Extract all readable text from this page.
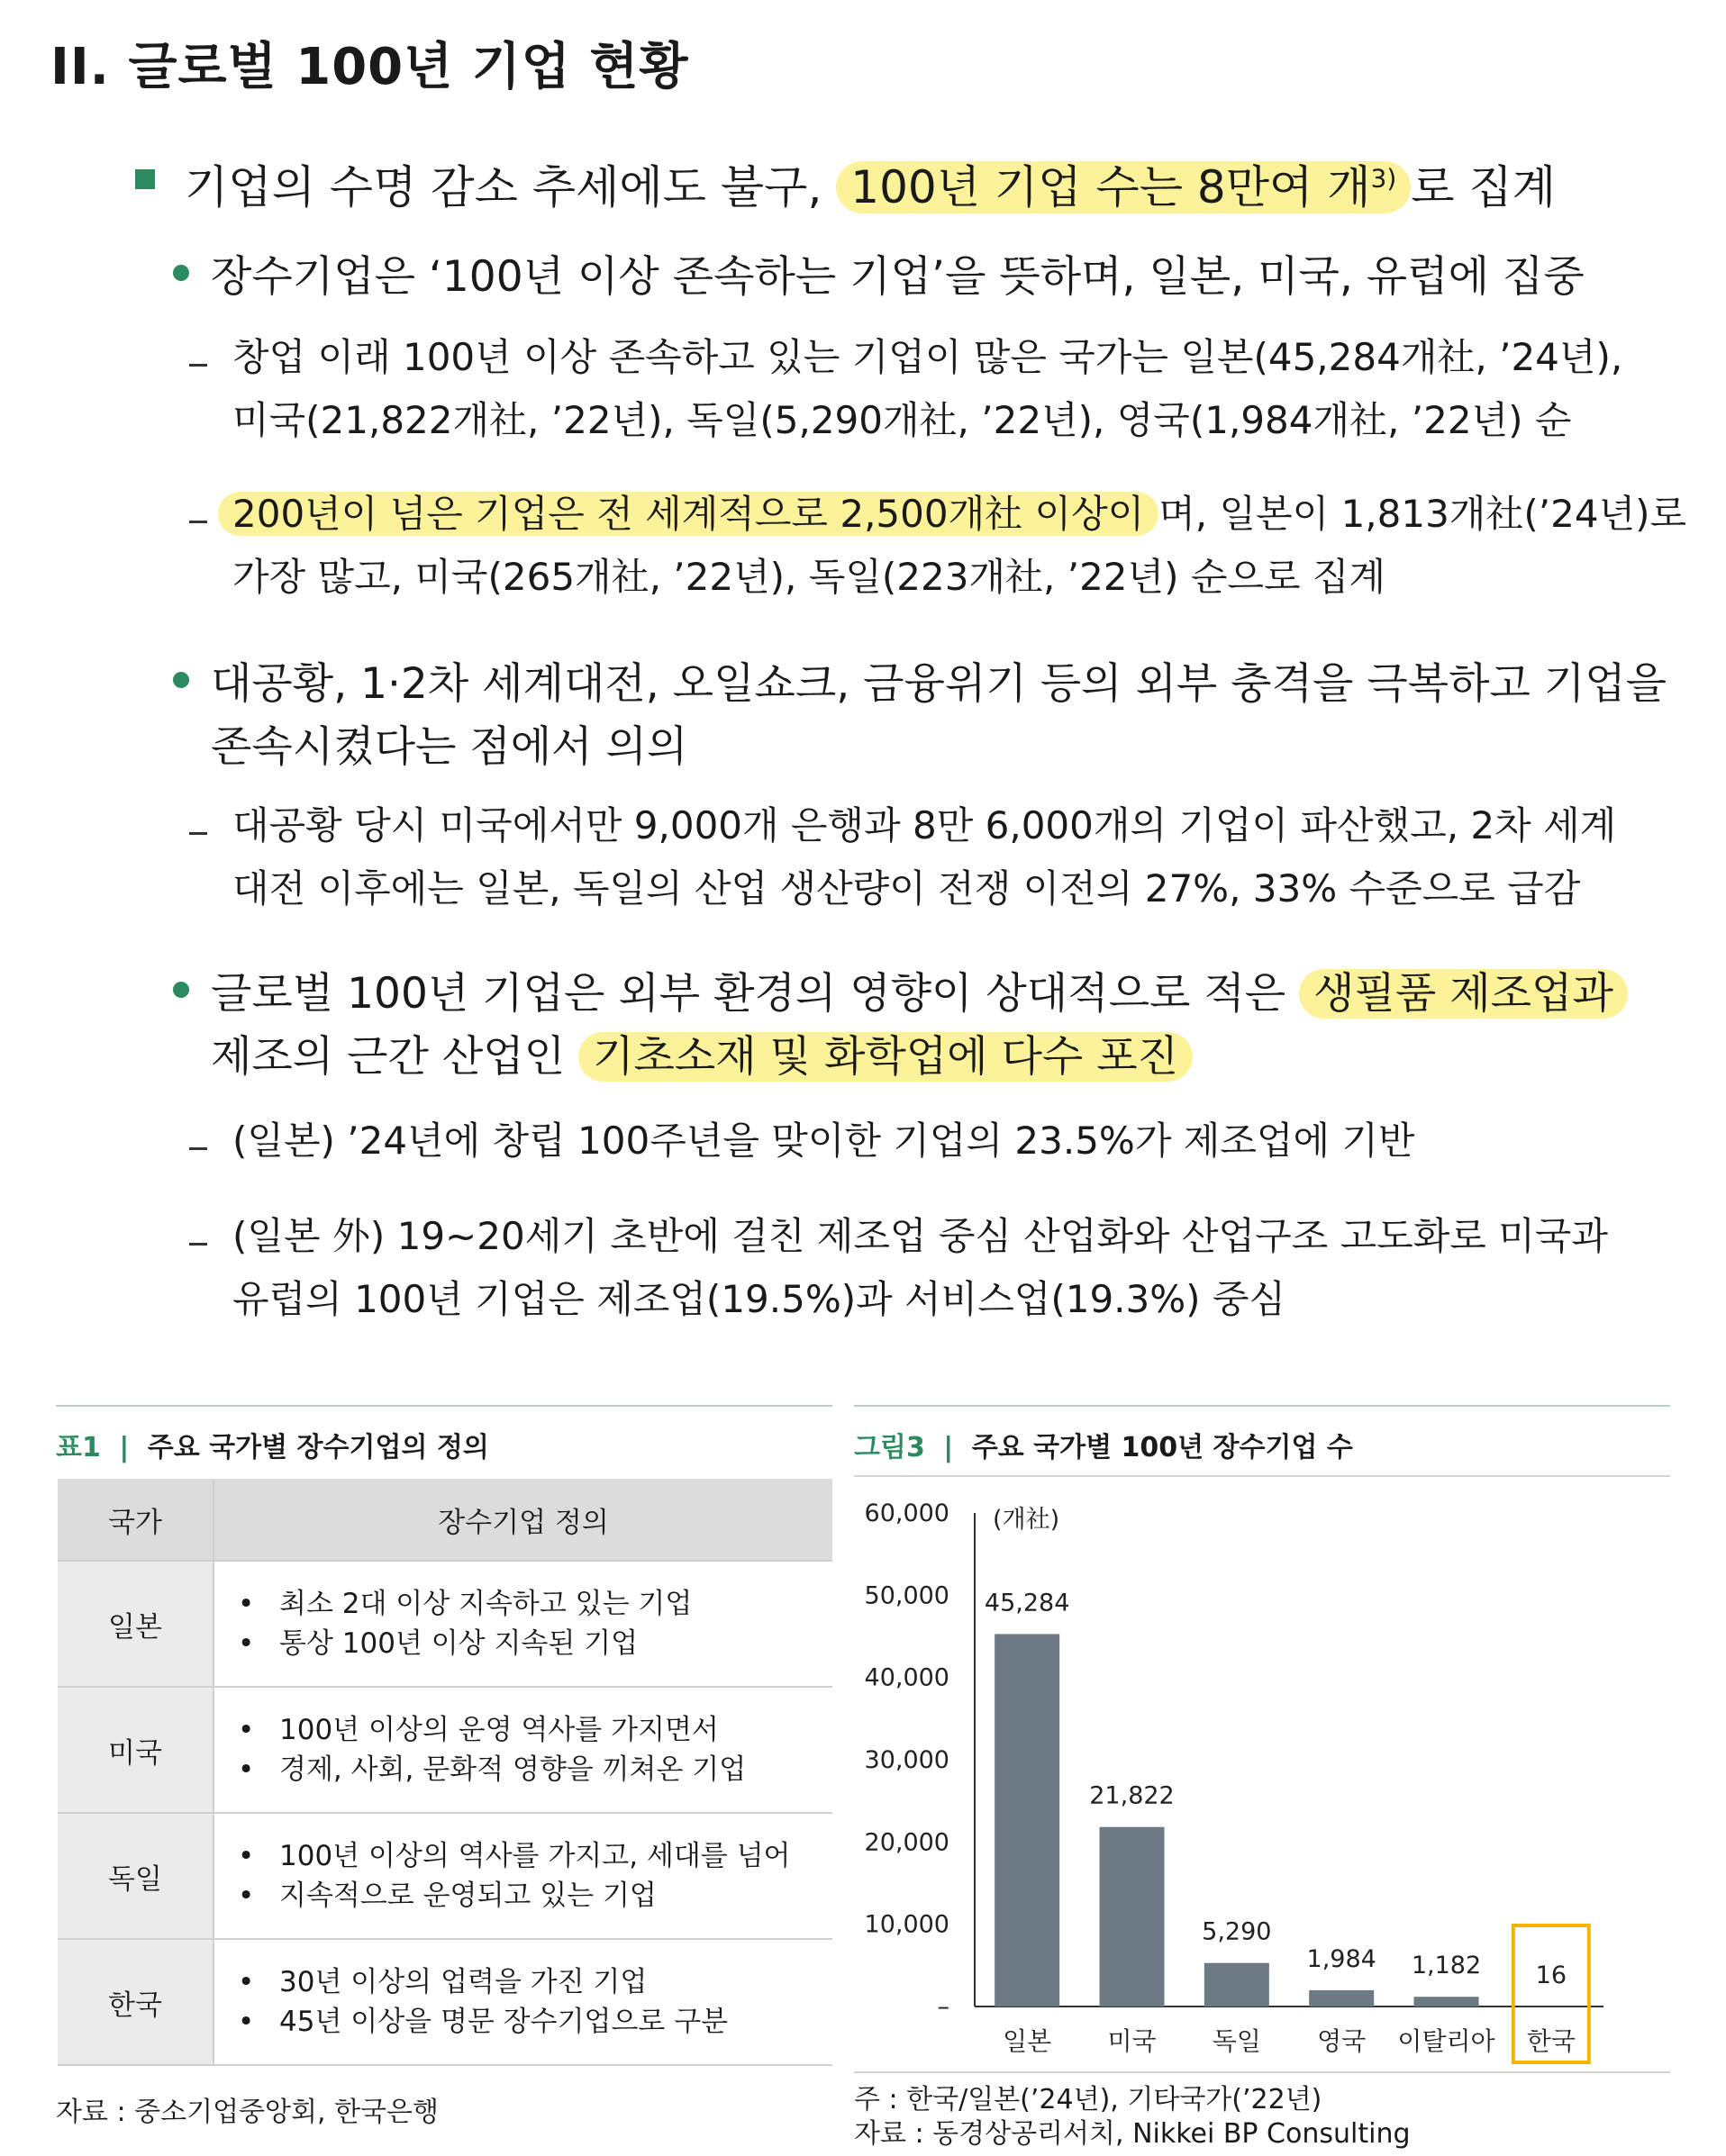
II. 글로벌 100년 기업 현황
기업의 수명 감소 추세에도 불구, 100년 기업 수는 8만여 개$^{3)}$ 로 집계
장수기업은 ‘100년 이상 존속하는 기업’을 뜻하며, 일본, 미국, 유럽에 집중
창업 이래 100년 이상 존속하고 있는 기업이 많은 국가는 일본(45,284개社, ’24년),
미국(21,822개社, ’22년), 독일(5,290개社, ’22년), 영국(1,984개社, ’22년) 순
200년이 넘은 기업은 전 세계적으로 2,500개社 이상이 며, 일본이 1,813개社(’24년)로
가장 많고, 미국(265개社, ’22년), 독일(223개社, ’22년) 순으로 집계
대공황, 1·2차 세계대전, 오일쇼크, 금융위기 등의 외부 충격을 극복하고 기업을
존속시켰다는 점에서 의의
대공황 당시 미국에서만 9,000개 은행과 8만 6,000개의 기업이 파산했고, 2차 세계
대전 이후에는 일본, 독일의 산업 생산량이 전쟁 이전의 27%, 33% 수준으로 급감
글로벌 100년 기업은 외부 환경의 영향이 상대적으로 적은 생필품 제조업과
제조의 근간 산업인 기초소재 및 화학업에 다수 포진
(일본) ’24년에 창립 100주년을 맞이한 기업의 23.5%가 제조업에 기반
(일본 外) 19~20세기 초반에 걸친 제조업 중심 산업화와 산업구조 고도화로 미국과
유럽의 100년 기업은 제조업(19.5%)과 서비스업(19.3%) 중심
표1 | 주요 국가별 장수기업의 정의
국가	장수기업 정의
일본	• 최소 2대 이상 지속하고 있는 기업
• 통상 100년 이상 지속된 기업

미국	• 100년 이상의 운영 역사를 가지면서
• 경제, 사회, 문화적 영향을 끼쳐온 기업

독일	• 100년 이상의 역사를 가지고, 세대를 넘어
• 지속적으로 운영되고 있는 기업

한국	• 30년 이상의 업력을 가진 기업
• 45년 이상을 명문 장수기업으로 구분
자료 : 중소기업중앙회, 한국은행
그림3 | 주요 국가별 100년 장수기업 수
60,000
50,000
40,000
30,000
20,000
10,000
–
(개社)
45,284
일본
21,822
미국
5,290
독일
1,984
영국
1,182
이탈리아
16
한국
주 : 한국/일본(’24년), 기타국가(’22년)
자료 : 동경상공리서치, Nikkei BP Consulting
